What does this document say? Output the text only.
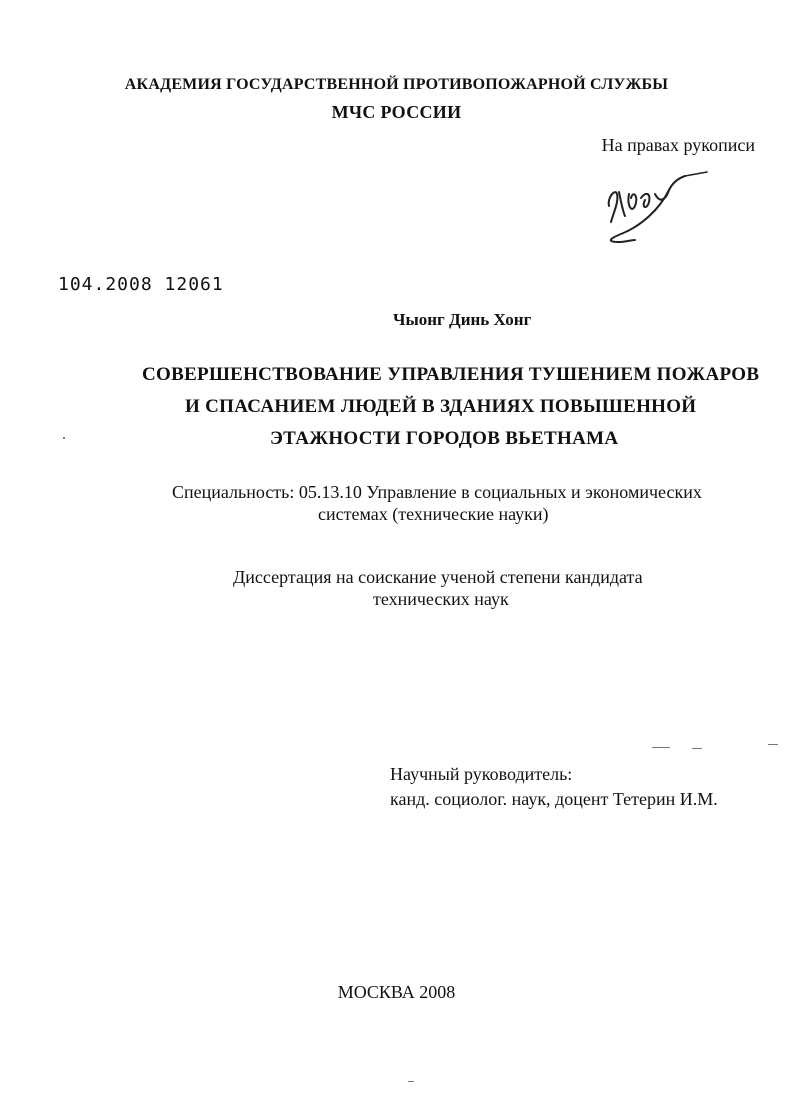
АКАДЕМИЯ ГОСУДАРСТВЕННОЙ ПРОТИВОПОЖАРНОЙ СЛУЖБЫ
МЧС РОССИИ
На правах рукописи
104.2008 12061
Чыонг Динь Хонг
СОВЕРШЕНСТВОВАНИЕ УПРАВЛЕНИЯ ТУШЕНИЕМ ПОЖАРОВ
И СПАСАНИЕМ ЛЮДЕЙ В ЗДАНИЯХ ПОВЫШЕННОЙ
ЭТАЖНОСТИ ГОРОДОВ ВЬЕТНАМА
Специальность: 05.13.10 Управление в социальных и экономических
системах (технические науки)
Диссертация на соискание ученой степени кандидата
технических наук
Научный руководитель:
канд. социолог. наук, доцент Тетерин И.М.
МОСКВА 2008
